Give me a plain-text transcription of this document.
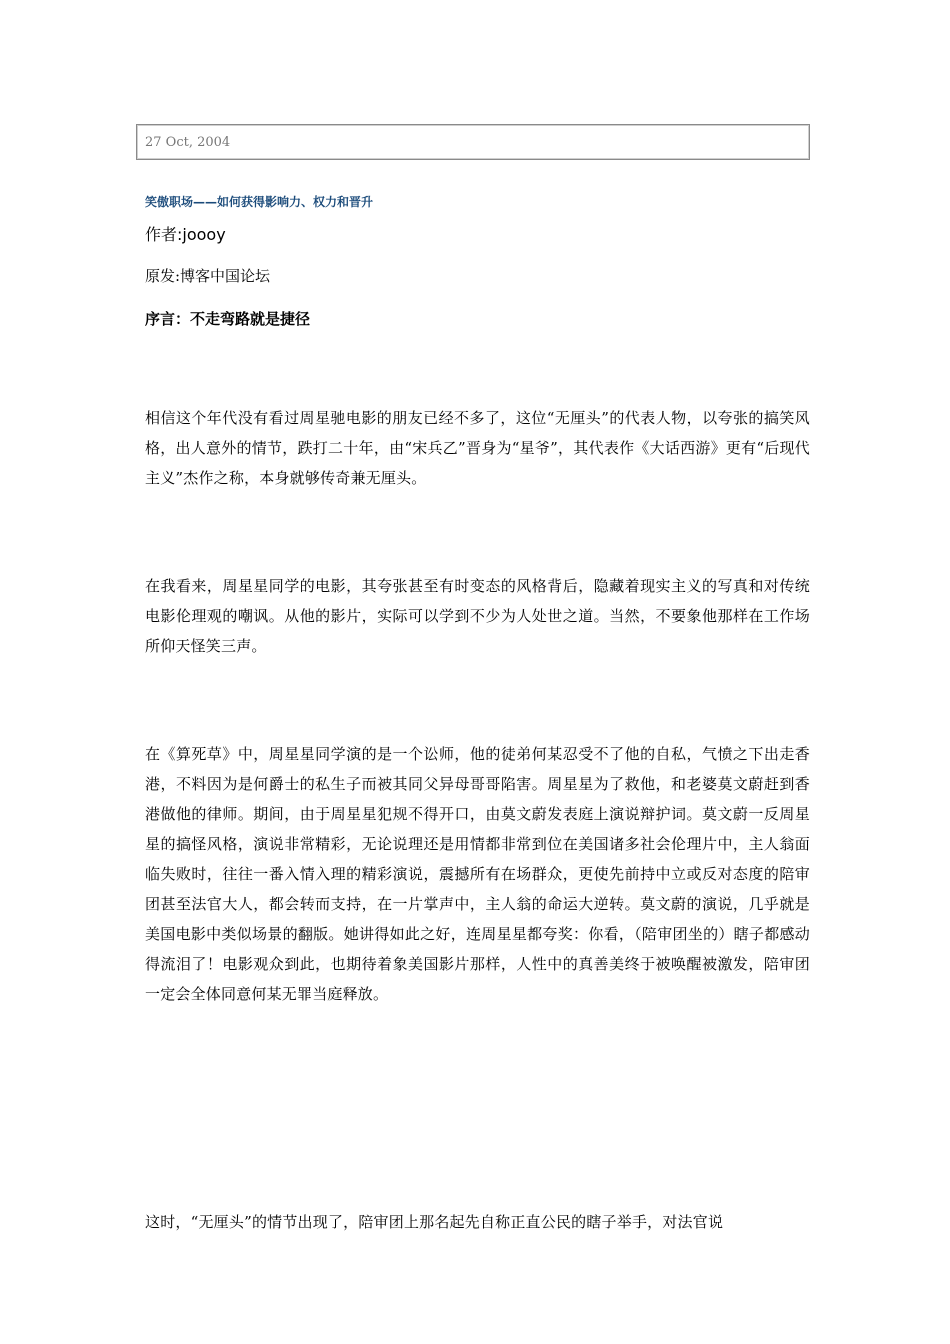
27 Oct, 2004
笑傲职场——如何获得影响力、权力和晋升
作者:joooy
原发:博客中国论坛
序言：不走弯路就是捷径

相信这个年代没有看过周星驰电影的朋友已经不多了，这位“无厘头”的代表人物，以夸张的搞笑风格，出人意外的情节，跌打二十年，由“宋兵乙”晋身为“星爷”，其代表作《大话西游》更有“后现代主义”杰作之称，本身就够传奇兼无厘头。

在我看来，周星星同学的电影，其夸张甚至有时变态的风格背后，隐藏着现实主义的写真和对传统电影伦理观的嘲讽。从他的影片，实际可以学到不少为人处世之道。当然，不要象他那样在工作场所仰天怪笑三声。

在《算死草》中，周星星同学演的是一个讼师，他的徒弟何某忍受不了他的自私，气愤之下出走香港，不料因为是何爵士的私生子而被其同父异母哥哥陷害。周星星为了救他，和老婆莫文蔚赶到香港做他的律师。期间，由于周星星犯规不得开口，由莫文蔚发表庭上演说辩护词。莫文蔚一反周星星的搞怪风格，演说非常精彩，无论说理还是用情都非常到位在美国诸多社会伦理片中，主人翁面临失败时，往往一番入情入理的精彩演说，震撼所有在场群众，更使先前持中立或反对态度的陪审团甚至法官大人，都会转而支持，在一片掌声中，主人翁的命运大逆转。莫文蔚的演说，几乎就是美国电影中类似场景的翻版。她讲得如此之好，连周星星都夸奖：你看，（陪审团坐的）瞎子都感动得流泪了！电影观众到此，也期待着象美国影片那样，人性中的真善美终于被唤醒被激发，陪审团一定会全体同意何某无罪当庭释放。

这时，“无厘头”的情节出现了，陪审团上那名起先自称正直公民的瞎子举手，对法官说
